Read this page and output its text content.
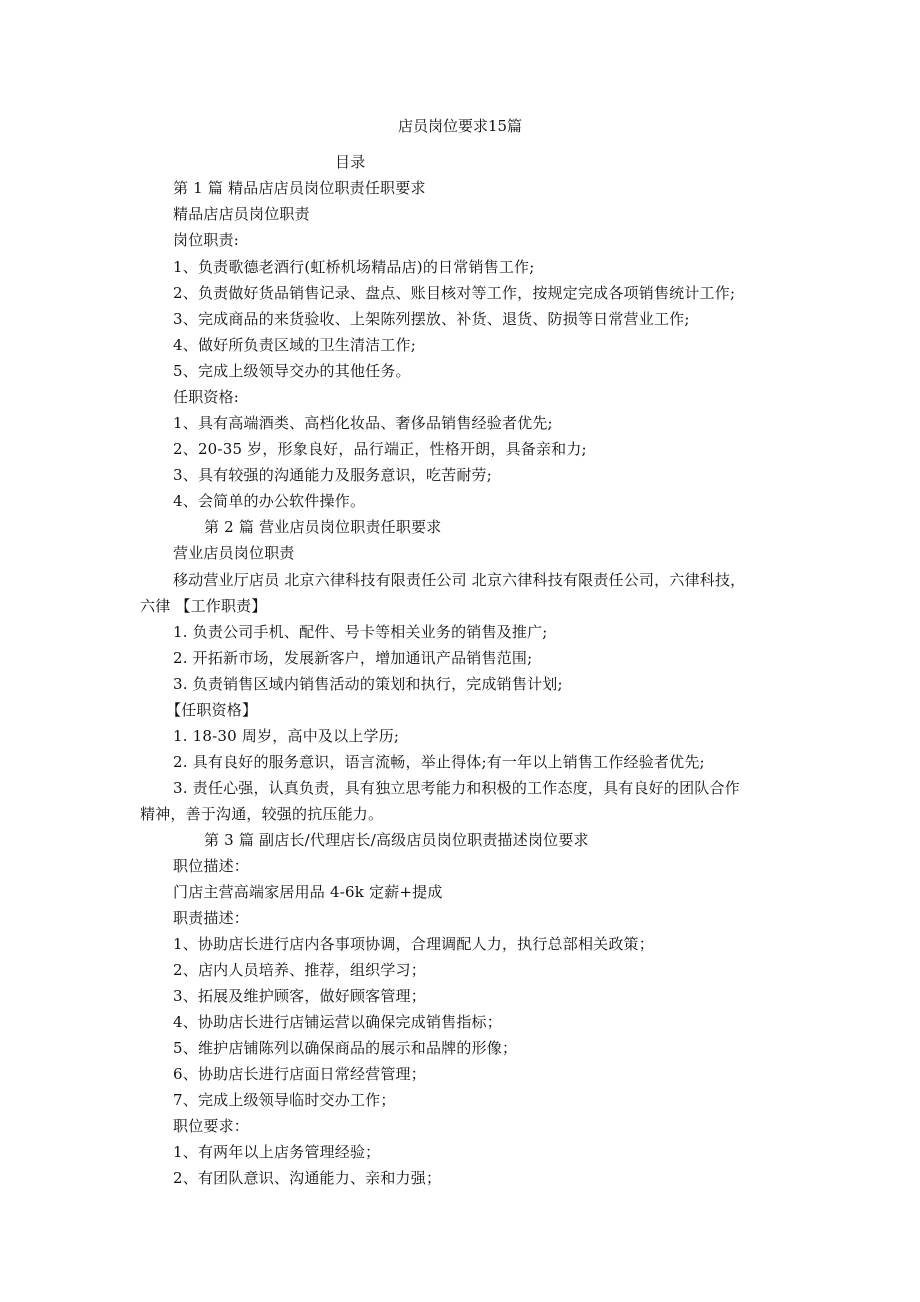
店员岗位要求15篇
目录
第 1 篇 精品店店员岗位职责任职要求
精品店店员岗位职责
岗位职责:
1、负责歌德老酒行(虹桥机场精品店)的日常销售工作;
2、负责做好货品销售记录、盘点、账目核对等工作，按规定完成各项销售统计工作;
3、完成商品的来货验收、上架陈列摆放、补货、退货、防损等日常营业工作;
4、做好所负责区域的卫生清洁工作;
5、完成上级领导交办的其他任务。
任职资格:
1、具有高端酒类、高档化妆品、奢侈品销售经验者优先;
2、20-35 岁，形象良好，品行端正，性格开朗，具备亲和力;
3、具有较强的沟通能力及服务意识，吃苦耐劳;
4、会简单的办公软件操作。
第 2 篇 营业店员岗位职责任职要求
营业店员岗位职责
移动营业厅店员 北京六律科技有限责任公司 北京六律科技有限责任公司，六律科技，
六律 【工作职责】
1. 负责公司手机、配件、号卡等相关业务的销售及推广;
2. 开拓新市场，发展新客户，增加通讯产品销售范围;
3. 负责销售区域内销售活动的策划和执行，完成销售计划;
【任职资格】
1. 18-30 周岁，高中及以上学历;
2. 具有良好的服务意识，语言流畅，举止得体;有一年以上销售工作经验者优先;
3. 责任心强，认真负责，具有独立思考能力和积极的工作态度，具有良好的团队合作
精神，善于沟通，较强的抗压能力。
第 3 篇 副店长/代理店长/高级店员岗位职责描述岗位要求
职位描述：
门店主营高端家居用品 4-6k 定薪+提成
职责描述：
1、协助店长进行店内各事项协调，合理调配人力，执行总部相关政策；
2、店内人员培养、推荐，组织学习；
3、拓展及维护顾客，做好顾客管理；
4、协助店长进行店铺运营以确保完成销售指标；
5、维护店铺陈列以确保商品的展示和品牌的形像；
6、协助店长进行店面日常经营管理；
7、完成上级领导临时交办工作；
职位要求：
1、有两年以上店务管理经验；
2、有团队意识、沟通能力、亲和力强；
